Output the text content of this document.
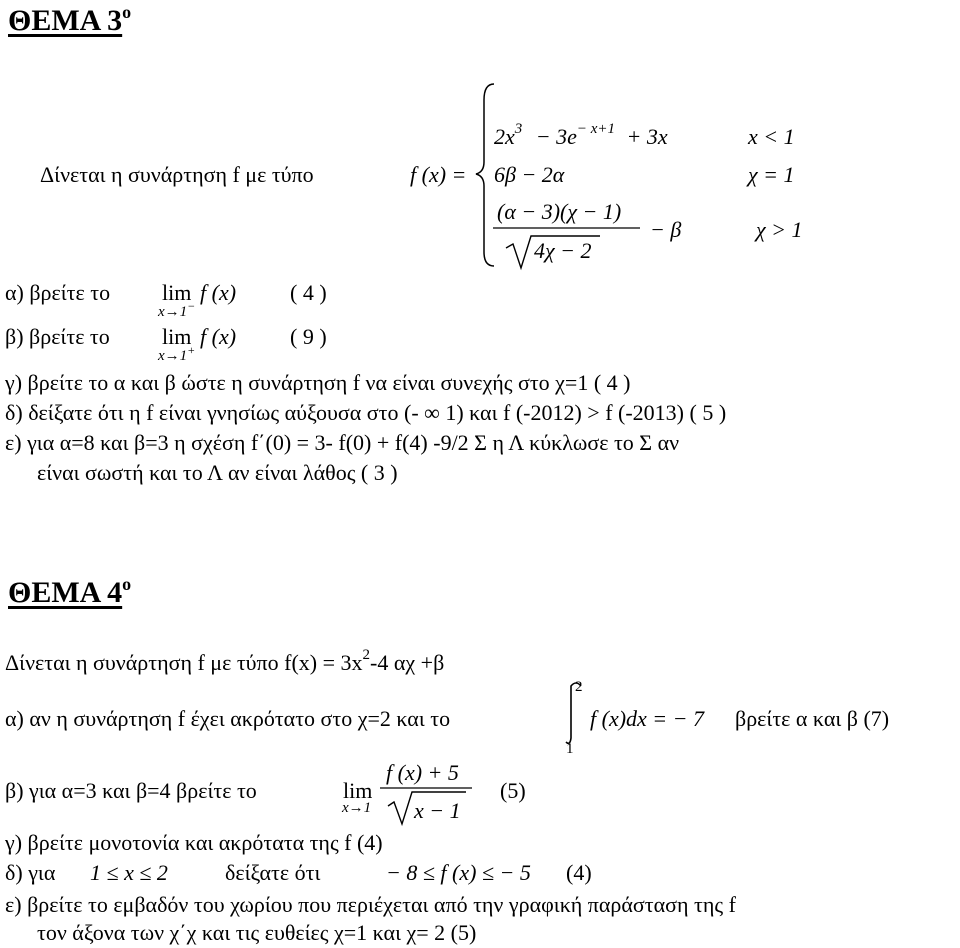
ΘΕΜΑ 3ο
Δίνεται η συνάρτηση f με τύπο	f (x) =
$2x^3 - 3e^{- x+1} + 3x$	x < 1
6β − 2α	χ = 1
(α − 3)(χ − 1)
4χ − 2
− β	χ > 1
α) βρείτε το lim f (x)
x→1−
( 4 )
β) βρείτε το lim f (x)
x→1+
( 9 )
γ) βρείτε το α και β ώστε η συνάρτηση f να είναι συνεχής στο χ=1 ( 4 )
δ) δείξατε ότι η f είναι γνησίως αύξουσα στο (- ∞ 1) και f (-2012) > f (-2013) ( 5 )
ε) για α=8 και β=3 η σχέση f΄(0) = 3- f(0) + f(4) -9/2 Σ η Λ κύκλωσε το Σ αν
είναι σωστή και το Λ αν είναι λάθος ( 3 )
ΘΕΜΑ 4ο
Δίνεται η συνάρτηση f με τύπο $f(x) = 3x^2-4$ αχ +β
α) αν η συνάρτηση f έχει ακρότατο στο χ=2 και το
2
1
f (x)dx = − 7 βρείτε α και β (7)
β) για α=3 και β=4 βρείτε το	lim
x→1
f (x) + 5
x − 1
(5)
γ) βρείτε μονοτονία και ακρότατα της f (4)
δ) για 1 ≤ x ≤ 2	δείξατε ότι	− 8 ≤ f (x) ≤ − 5 (4)
ε) βρείτε το εμβαδόν του χωρίου που περιέχεται από την γραφική παράσταση της f
τον άξονα των χ΄χ και τις ευθείες χ=1 και χ= 2 (5)
